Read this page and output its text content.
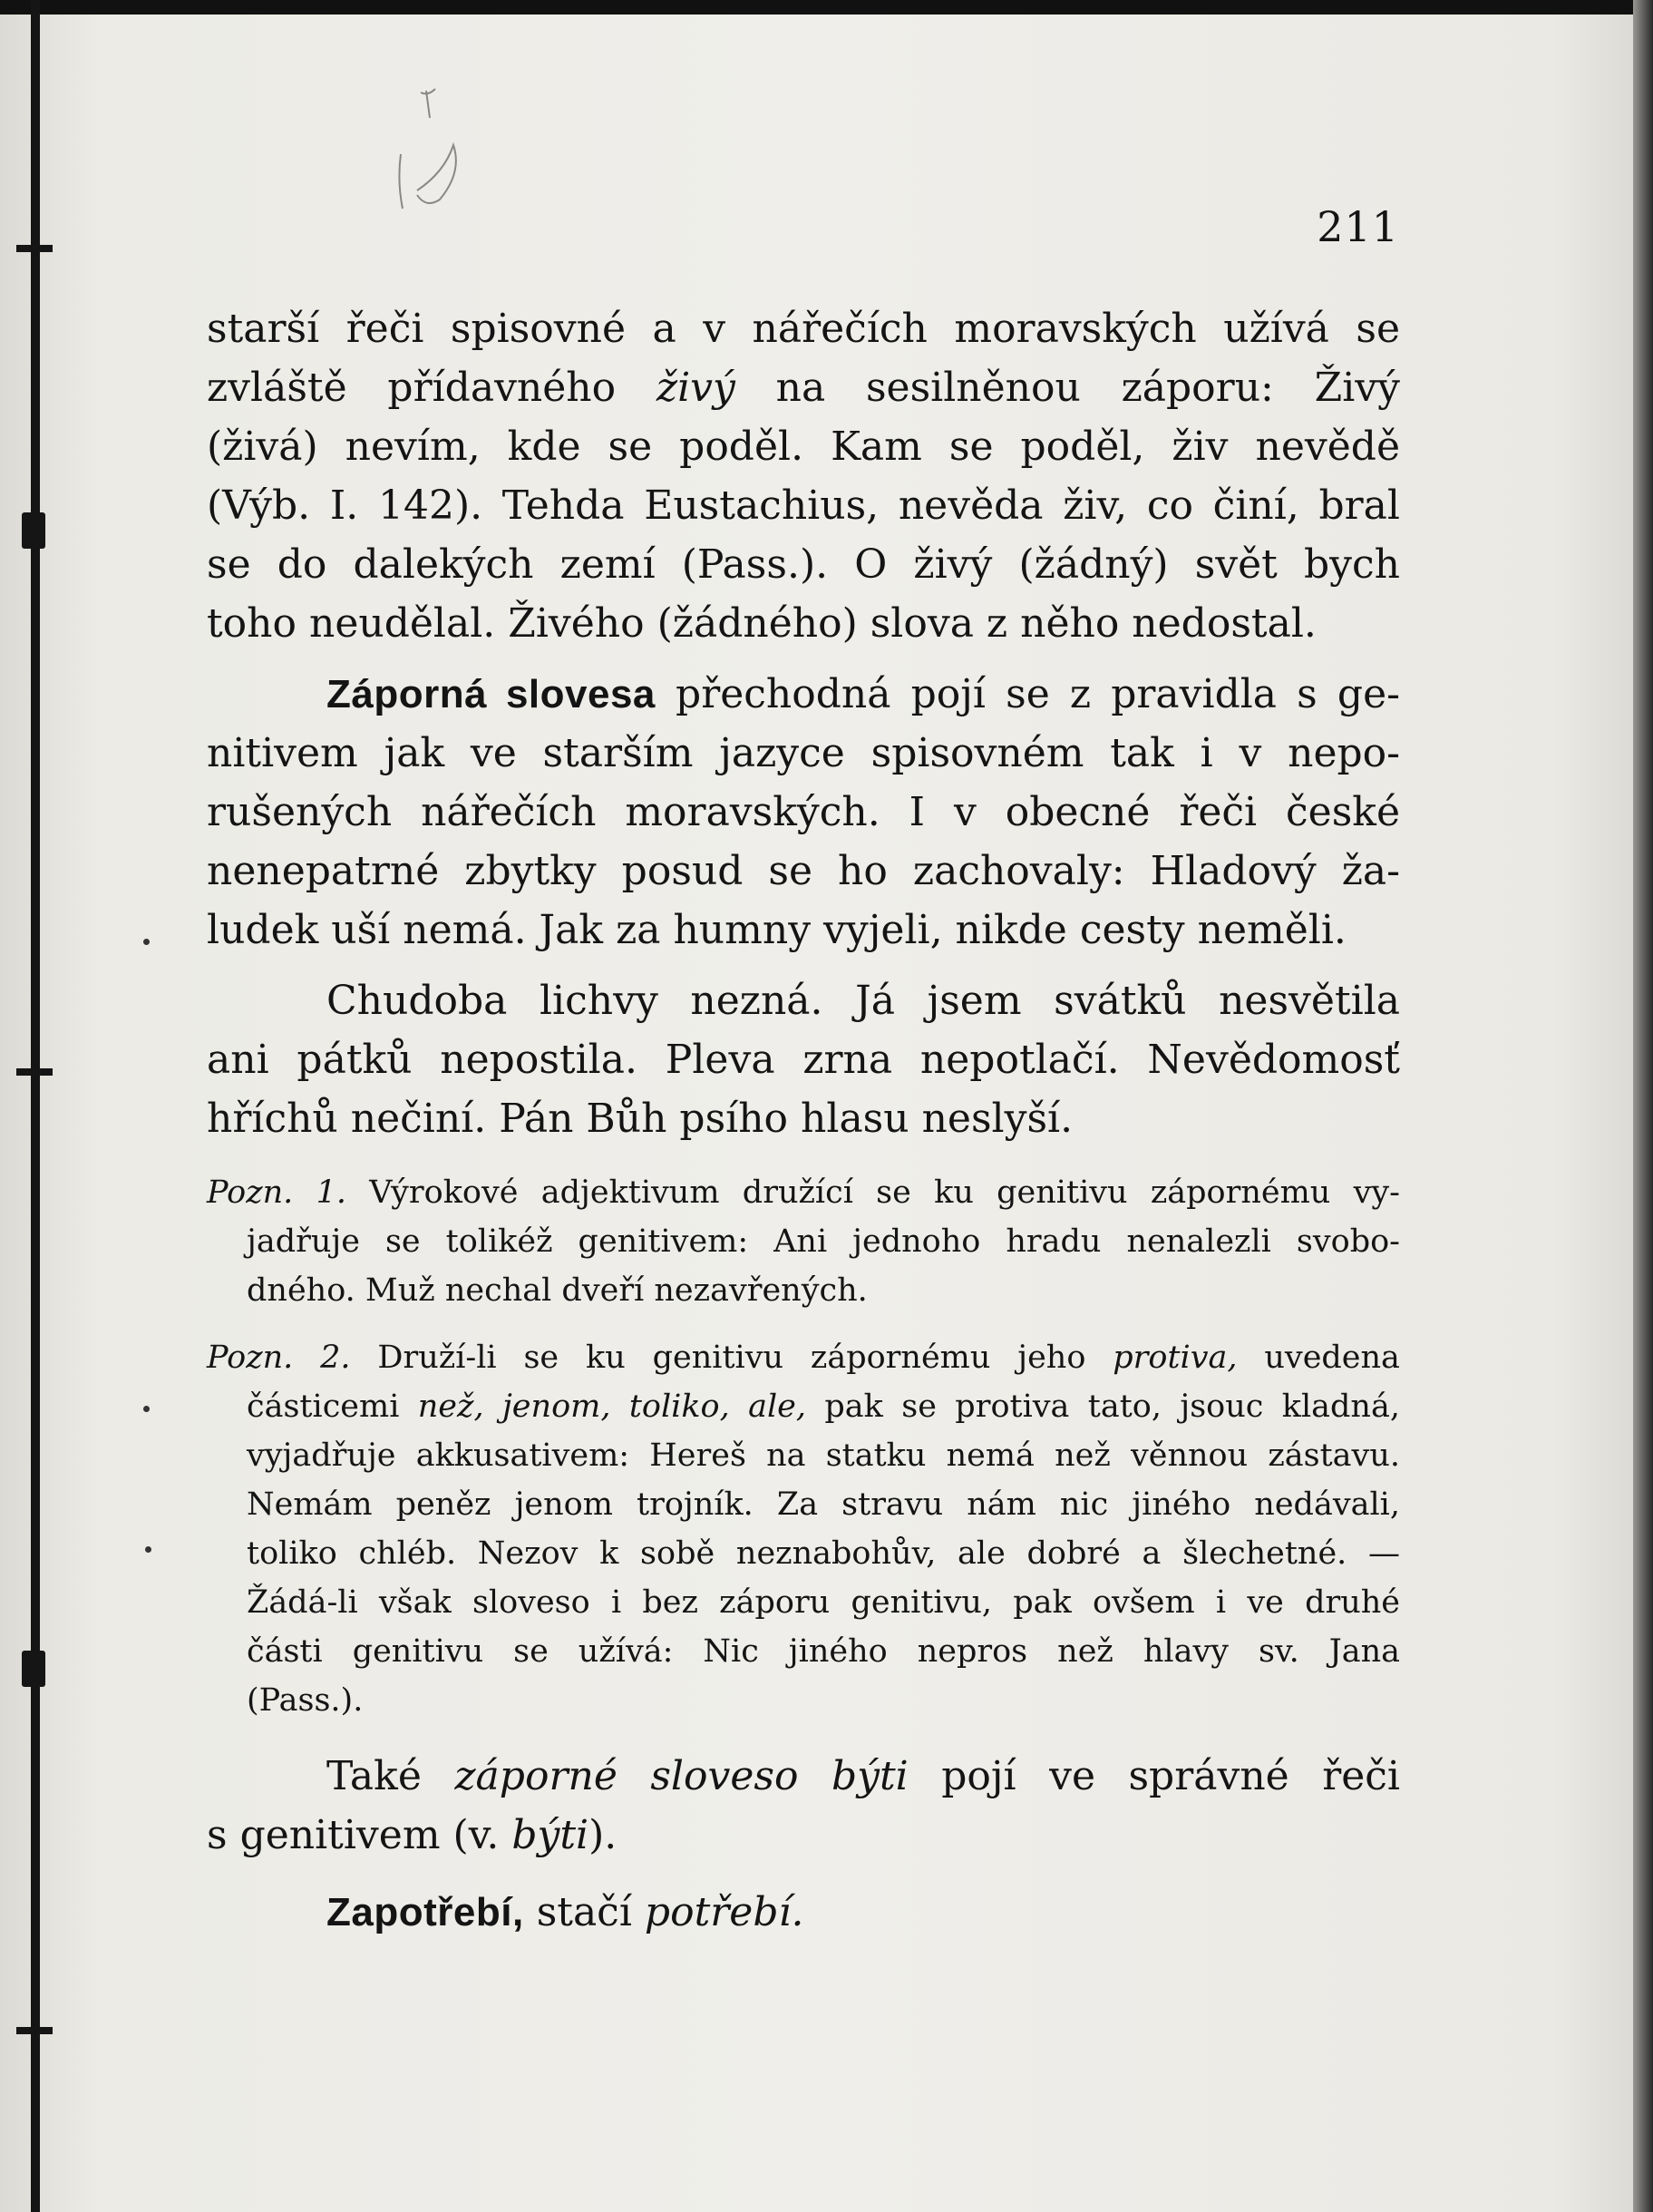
211

starší řeči spisovné a v nářečích moravských užívá se

zvláště přídavného živý na sesilněnou záporu: Živý

(živá) nevím, kde se poděl. Kam se poděl, živ nevědě

(Výb. I. 142). Tehda Eustachius, nevěda živ, co činí, bral

se do dalekých zemí (Pass.). O živý (žádný) svět bych

toho neudělal. Živého (žádného) slova z něho nedostal.

Záporná slovesa přechodná pojí se z pravidla s ge-

nitivem jak ve starším jazyce spisovném tak i v nepo-

rušených nářečích moravských. I v obecné řeči české

nenepatrné zbytky posud se ho zachovaly: Hladový ža-

ludek uší nemá. Jak za humny vyjeli, nikde cesty neměli.

Chudoba lichvy nezná. Já jsem svátků nesvětila

ani pátků nepostila. Pleva zrna nepotlačí. Nevědomosť

hříchů nečiní. Pán Bůh psího hlasu neslyší.

Pozn. 1. Výrokové adjektivum družící se ku genitivu zápornému vy-

jadřuje se tolikéž genitivem: Ani jednoho hradu nenalezli svobo-

dného. Muž nechal dveří nezavřených.

Pozn. 2. Druží-li se ku genitivu zápornému jeho protiva, uvedena

částicemi než, jenom, toliko, ale, pak se protiva tato, jsouc kladná,

vyjadřuje akkusativem: Hereš na statku nemá než věnnou zástavu.

Nemám peněz jenom trojník. Za stravu nám nic jiného nedávali,

toliko chléb. Nezov k sobě neznabohův, ale dobré a šlechetné. —

Žádá-li však sloveso i bez záporu genitivu, pak ovšem i ve druhé

části genitivu se užívá: Nic jiného nepros než hlavy sv. Jana

(Pass.).

Také záporné sloveso býti pojí ve správné řeči

s genitivem (v. býti).

Zapotřebí, stačí potřebí.
